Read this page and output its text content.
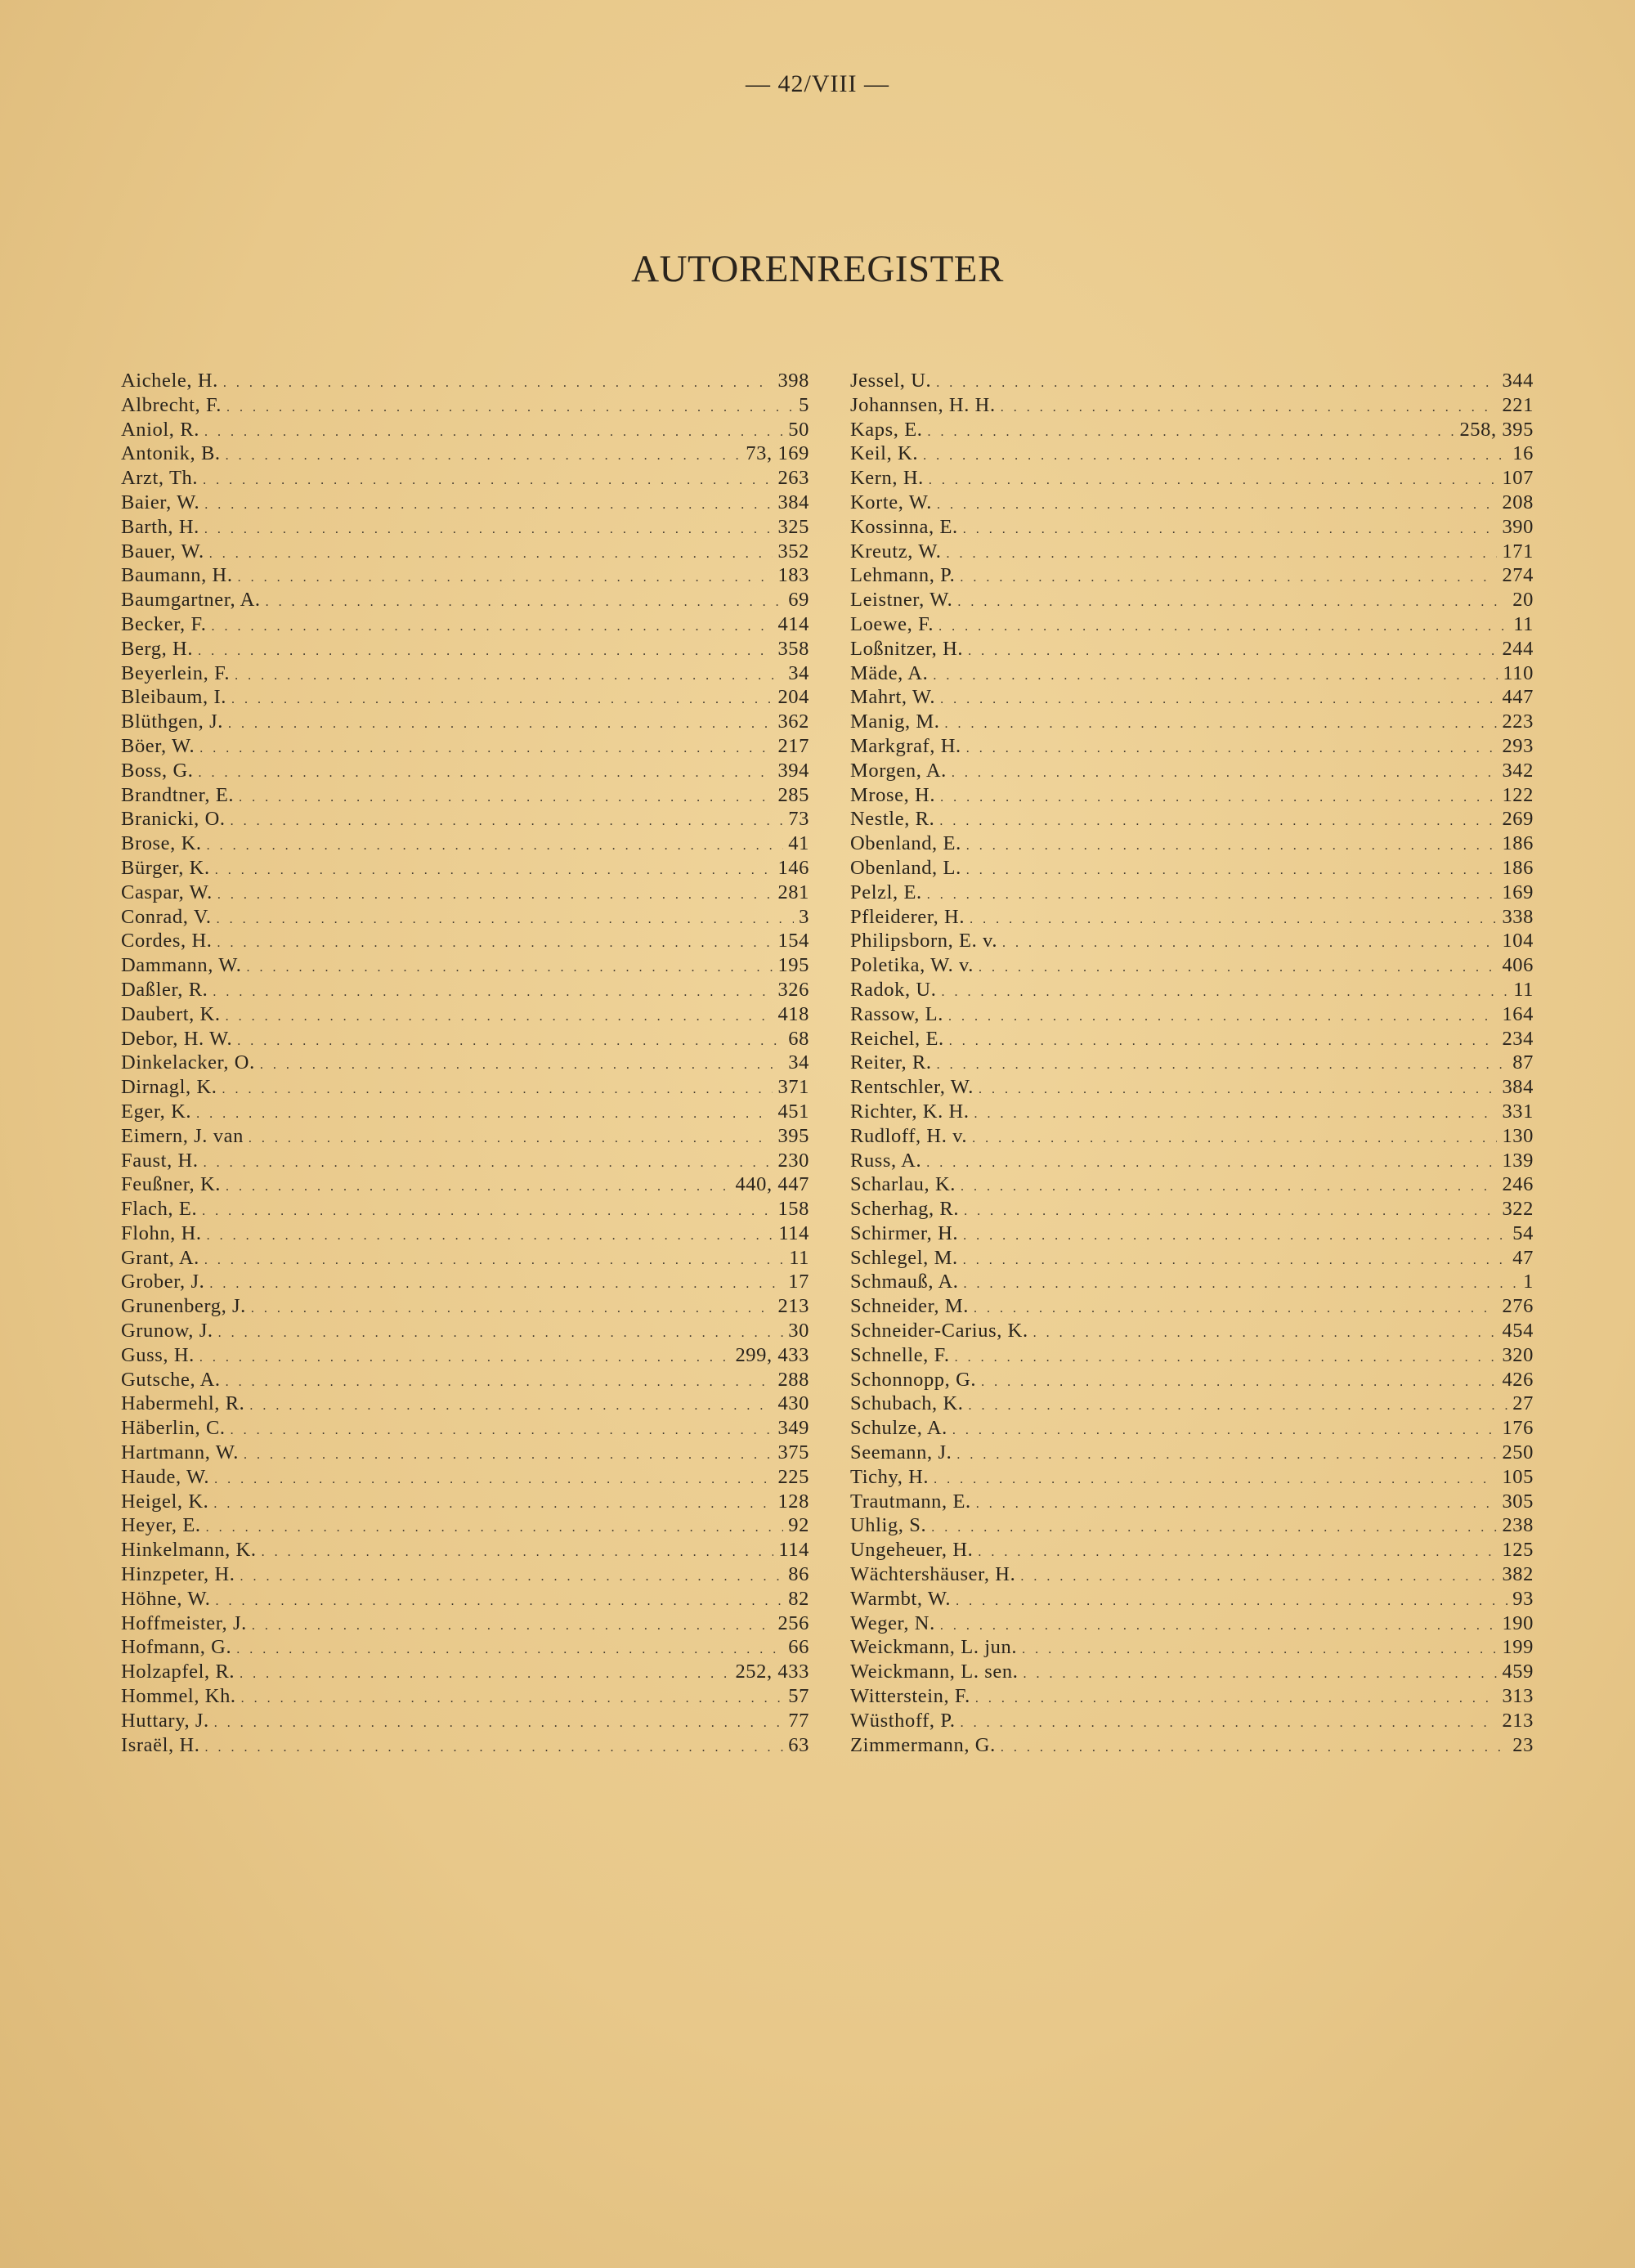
— 42/VIII —
AUTORENREGISTER
Aichele, H. . . .	398
Albrecht, F. . . .	5
Aniol, R. . . .	50
Antonik, B. . . .	73, 169
Arzt, Th. . . .	263
Baier, W. . . .	384
Barth, H. . . .	325
Bauer, W. . . .	352
Baumann, H. . . .	183
Baumgartner, A. . . .	69
Becker, F. . . .	414
Berg, H. . . .	358
Beyerlein, F. . . .	34
Bleibaum, I. . . .	204
Blüthgen, J. . . .	362
Böer, W. . . .	217
Boss, G. . . .	394
Brandtner, E. . . .	285
Branicki, O. . . .	73
Brose, K. . . .	41
Bürger, K. . . .	146
Caspar, W. . . .	281
Conrad, V. . . .	3
Cordes, H. . . .	154
Dammann, W. . . .	195
Daßler, R. . . .	326
Daubert, K. . . .	418
Debor, H. W. . . .	68
Dinkelacker, O. . . .	34
Dirnagl, K. . . .	371
Eger, K. . . .	451
Eimern, J. van . . .	395
Faust, H. . . .	230
Feußner, K. . . .	440, 447
Flach, E. . . .	158
Flohn, H. . . .	114
Grant, A. . . .	11
Grober, J. . . .	17
Grunenberg, J. . . .	213
Grunow, J. . . .	30
Guss, H. . . .	299, 433
Gutsche, A. . . .	288
Habermehl, R. . . .	430
Häberlin, C. . . .	349
Hartmann, W. . . .	375
Haude, W. . . .	225
Heigel, K. . . .	128
Heyer, E. . . .	92
Hinkelmann, K. . . .	114
Hinzpeter, H. . . .	86
Höhne, W. . . .	82
Hoffmeister, J. . . .	256
Hofmann, G. . . .	66
Holzapfel, R. . . .	252, 433
Hommel, Kh. . . .	57
Huttary, J. . . .	77
Israël, H. . . .	63
Jessel, U. . . .	344
Johannsen, H. H. . . .	221
Kaps, E. . . .	258, 395
Keil, K. . . .	16
Kern, H. . . .	107
Korte, W. . . .	208
Kossinna, E. . . .	390
Kreutz, W. . . .	171
Lehmann, P. . . .	274
Leistner, W. . . .	20
Loewe, F. . . .	11
Loßnitzer, H. . . .	244
Mäde, A. . . .	110
Mahrt, W. . . .	447
Manig, M. . . .	223
Markgraf, H. . . .	293
Morgen, A. . . .	342
Mrose, H. . . .	122
Nestle, R. . . .	269
Obenland, E. . . .	186
Obenland, L. . . .	186
Pelzl, E. . . .	169
Pfleiderer, H. . . .	338
Philipsborn, E. v. . . .	104
Poletika, W. v. . . .	406
Radok, U. . . .	11
Rassow, L. . . .	164
Reichel, E. . . .	234
Reiter, R. . . .	87
Rentschler, W. . . .	384
Richter, K. H. . . .	331
Rudloff, H. v. . . .	130
Russ, A. . . .	139
Scharlau, K. . . .	246
Scherhag, R. . . .	322
Schirmer, H. . . .	54
Schlegel, M. . . .	47
Schmauß, A. . . .	1
Schneider, M. . . .	276
Schneider-Carius, K. . . .	454
Schnelle, F. . . .	320
Schonnopp, G. . . .	426
Schubach, K. . . .	27
Schulze, A. . . .	176
Seemann, J. . . .	250
Tichy, H. . . .	105
Trautmann, E. . . .	305
Uhlig, S. . . .	238
Ungeheuer, H. . . .	125
Wächtershäuser, H. . . .	382
Warmbt, W. . . .	93
Weger, N. . . .	190
Weickmann, L. jun. . . .	199
Weickmann, L. sen. . . .	459
Witterstein, F. . . .	313
Wüsthoff, P. . . .	213
Zimmermann, G. . . .	23
